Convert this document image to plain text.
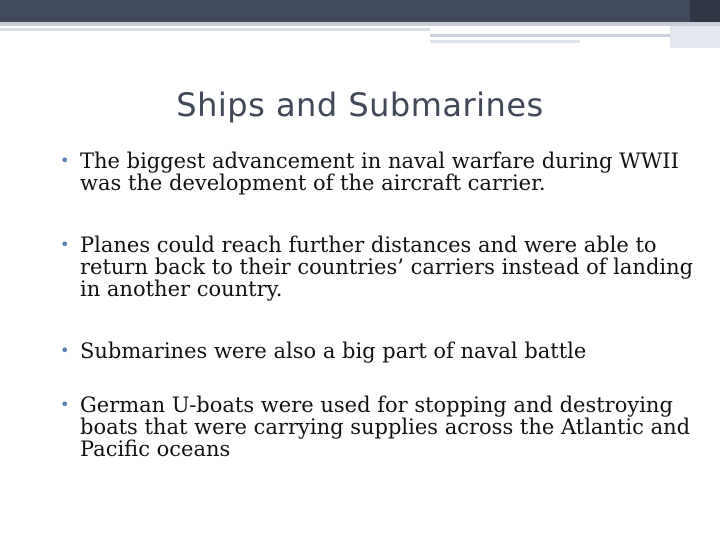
Ships and Submarines
• The biggest advancement in naval warfare during WWII was the development of the aircraft carrier.
• Planes could reach further distances and were able to return back to their countries’ carriers instead of landing in another country.
• Submarines were also a big part of naval battle
• German U-boats were used for stopping and destroying boats that were carrying supplies across the Atlantic and Pacific oceans
